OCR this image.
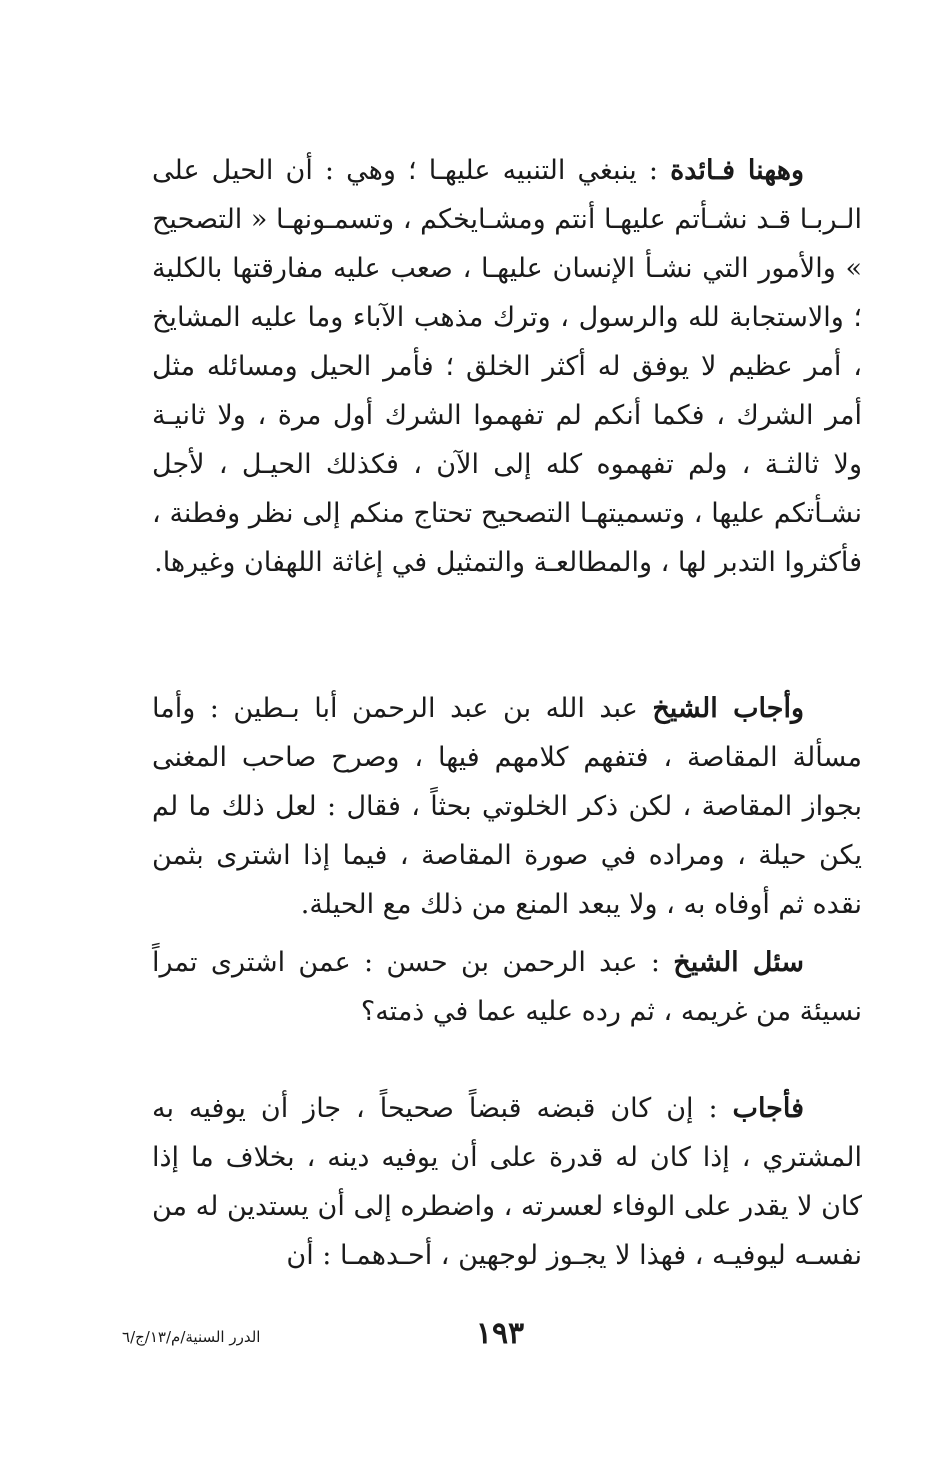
وههنا فـائدة : ينبغي التنبيه عليهـا ؛ وهي : أن الحيل على الـربـا قـد نشـأتم عليهـا أنتم ومشـايخكم ، وتسمـونهـا « التصحيح » والأمور التي نشـأ الإنسان عليهـا ، صعب عليه مفارقتها بالكلية ؛ والاستجابة لله والرسول ، وترك مذهب الآباء وما عليه المشايخ ، أمر عظيم لا يوفق له أكثر الخلق ؛ فأمر الحيل ومسائله مثل أمر الشرك ، فكما أنكم لم تفهموا الشرك أول مرة ، ولا ثانيـة ولا ثالثـة ، ولم تفهموه كله إلى الآن ، فكذلك الحيـل ، لأجل نشـأتكم عليها ، وتسميتهـا التصحيح تحتاج منكم إلى نظر وفطنة ، فأكثروا التدبر لها ، والمطالعـة والتمثيل في إغاثة اللهفان وغيرها.

وأجاب الشيخ عبد الله بن عبد الرحمن أبا بـطين : وأما مسألة المقاصة ، فتفهم كلامهم فيها ، وصرح صاحب المغنى بجواز المقاصة ، لكن ذكر الخلوتي بحثاً ، فقال : لعل ذلك ما لم يكن حيلة ، ومراده في صورة المقاصة ، فيما إذا اشترى بثمن نقده ثم أوفاه به ، ولا يبعد المنع من ذلك مع الحيلة.

سئل الشيخ : عبد الرحمن بن حسن : عمن اشترى تمراً نسيئة من غريمه ، ثم رده عليه عما في ذمته؟

فأجاب : إن كان قبضه قبضاً صحيحاً ، جاز أن يوفيه به المشتري ، إذا كان له قدرة على أن يوفيه دينه ، بخلاف ما إذا كان لا يقدر على الوفاء لعسرته ، واضطره إلى أن يستدين له من نفسـه ليوفيـه ، فهذا لا يجـوز لوجهين ، أحـدهمـا : أن

١٩٣
الدرر السنية/م/١٣/ج/٦
